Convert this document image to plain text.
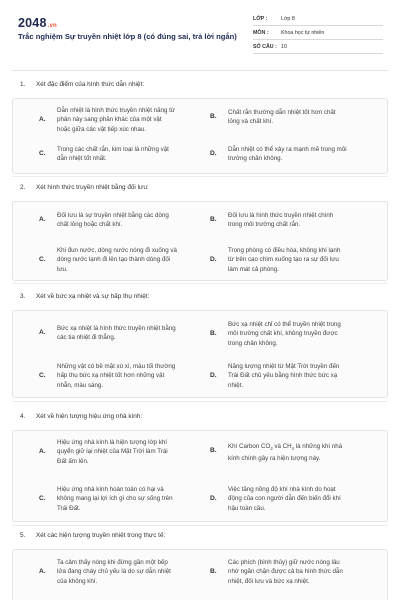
2048.vn
Trắc nghiệm Sự truyền nhiệt lớp 8 (có đúng sai, trả lời ngắn)
LỚP :	Lớp 8
MÔN : Khoa học tự nhiên
SỐ CÂU : 10
1. Xét đặc điểm của hình thức dẫn nhiệt:
A.
Dẫn nhiệt là hình thức truyền nhiệt năng từ
phân này sang phần khác của một vật
hoặc giữa các vật tiếp xúc nhau.
B.
Chất rắn thường dẫn nhiệt tốt hơn chất
lỏng và chất khí.
C.
Trong các chất rắn, kim loại là những vật
dẫn nhiệt tốt nhất.
D.
Dẫn nhiệt có thể xảy ra mạnh mẽ trong môi
trường chân không.
2. Xét hình thức truyền nhiệt bằng đối lưu:
A.
Đối lưu là sự truyền nhiệt bằng các dòng
chất lỏng hoặc chất khí.
B.
Đối lưu là hình thức truyền nhiệt chính
trong môi trường chất rắn.
C.
Khi đun nước, dòng nước nóng đi xuống và
dòng nước lạnh đi lên tạo thành dòng đối
lưu.
D.
Trong phòng có điều hòa, không khí lạnh
từ trên cao chìm xuống tạo ra sự đối lưu
làm mát cả phòng.
3. Xét về bức xạ nhiệt và sự hấp thụ nhiệt:
A.
Bức xạ nhiệt là hình thức truyền nhiệt bằng
các tia nhiệt đi thẳng.
B.
Bức xạ nhiệt chỉ có thể truyền nhiệt trong
môi trường chất khí, không truyền được
trong chân không.
C.
Những vật có bề mặt xù xì, màu tối thường
hấp thụ bức xạ nhiệt tốt hơn những vật
nhẵn, màu sáng.
D.
Năng lượng nhiệt từ Mặt Trời truyền đến
Trái Đất chủ yếu bằng hình thức bức xạ
nhiệt.
4. Xét về hiện tượng hiệu ứng nhà kính:
A.
Hiệu ứng nhà kính là hiện tượng lớp khí
quyển giữ lại nhiệt của Mặt Trời làm Trái
Đất ấm lên.
B.
Khí Carbon $CO_2$ và $CH_4$ là những khí nhà
kính chính gây ra hiện tượng này.
C.
Hiệu ứng nhà kính hoàn toàn có hại và
không mang lại lợi ích gì cho sự sống trên
Trái Đất.
D.
Việc tăng nồng độ khí nhà kính do hoạt
động của con người dẫn đến biến đổi khí
hậu toàn cầu.
5. Xét các hiện tượng truyền nhiệt trong thực tế:
A.
Ta cảm thấy nóng khi đứng gần một bếp
lửa đang cháy chủ yếu là do sự dẫn nhiệt
của không khí.
B.
Các phích (bình thủy) giữ nước nóng lâu
nhờ ngăn chặn được cả ba hình thức dẫn
nhiệt, đối lưu và bức xạ nhiệt.
